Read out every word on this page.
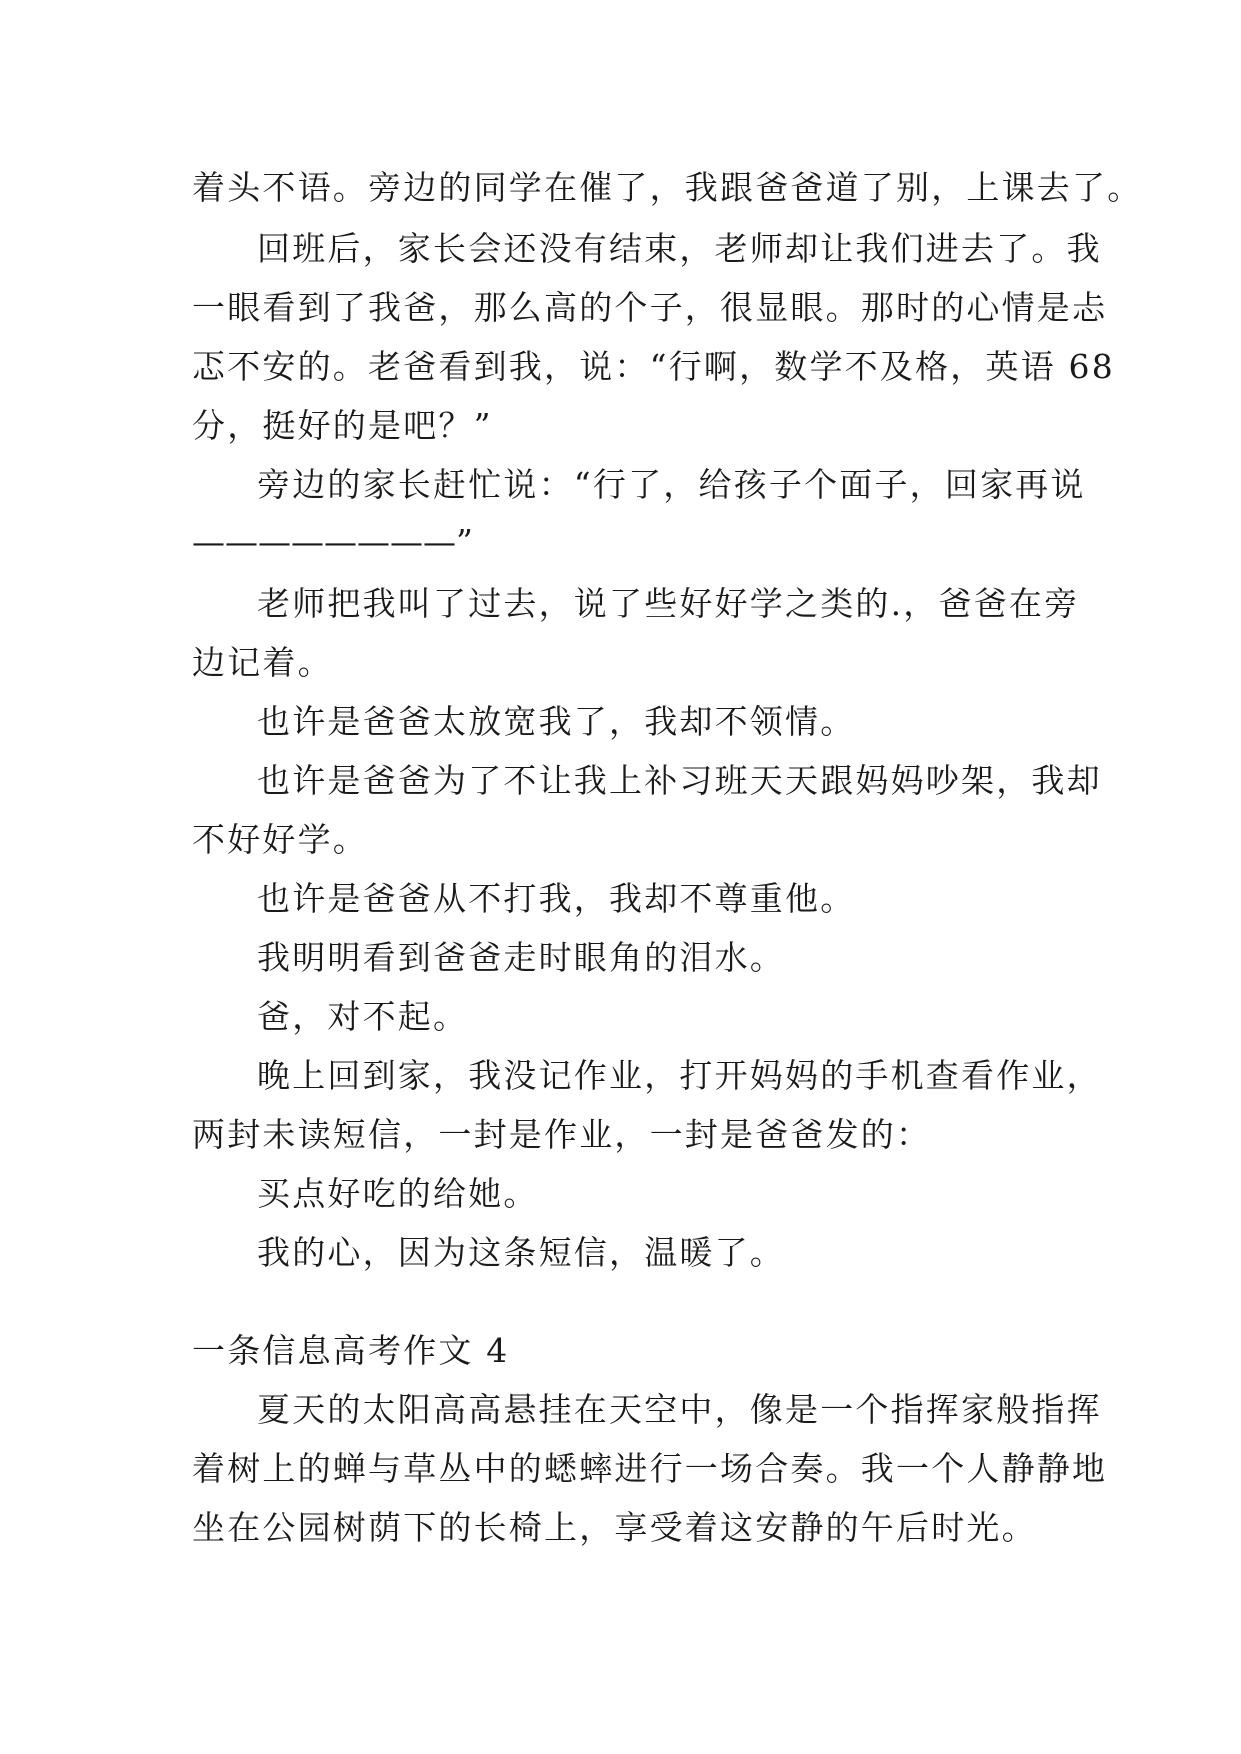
着头不语。旁边的同学在催了，我跟爸爸道了别，上课去了。
回班后，家长会还没有结束，老师却让我们进去了。我
一眼看到了我爸，那么高的个子，很显眼。那时的心情是忐
忑不安的。老爸看到我，说：“行啊，数学不及格，英语 68
分，挺好的是吧？”
旁边的家长赶忙说：“行了，给孩子个面子，回家再说
————————”
老师把我叫了过去，说了些好好学之类的.，爸爸在旁
边记着。
也许是爸爸太放宽我了，我却不领情。
也许是爸爸为了不让我上补习班天天跟妈妈吵架，我却
不好好学。
也许是爸爸从不打我，我却不尊重他。
我明明看到爸爸走时眼角的泪水。
爸，对不起。
晚上回到家，我没记作业，打开妈妈的手机查看作业，
两封未读短信，一封是作业，一封是爸爸发的：
买点好吃的给她。
我的心，因为这条短信，温暖了。
一条信息高考作文 4
夏天的太阳高高悬挂在天空中，像是一个指挥家般指挥
着树上的蝉与草丛中的蟋蟀进行一场合奏。我一个人静静地
坐在公园树荫下的长椅上，享受着这安静的午后时光。
